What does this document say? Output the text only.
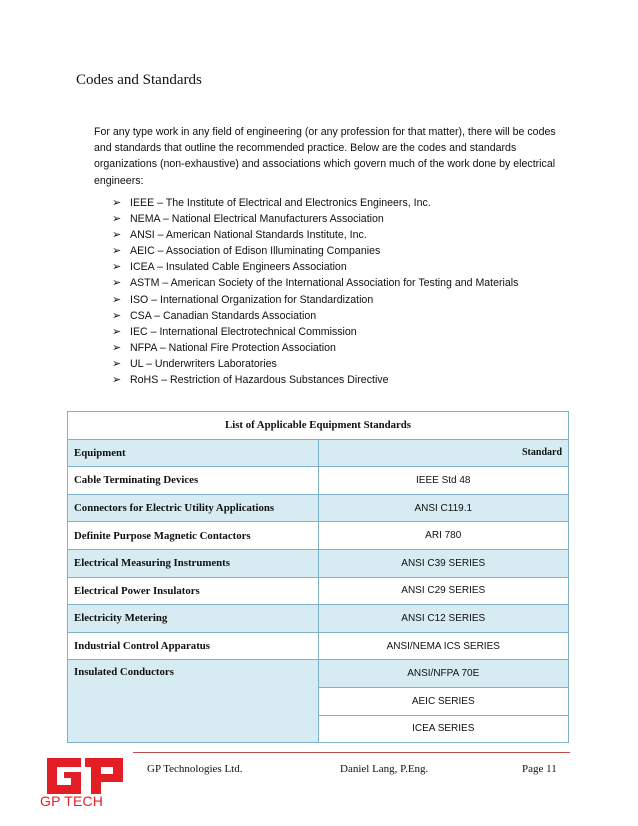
Codes and Standards

For any type work in any field of engineering (or any profession for that matter), there will be codes and standards that outline the recommended practice. Below are the codes and standards organizations (non-exhaustive) and associations which govern much of the work done by electrical engineers:

➢ IEEE – The Institute of Electrical and Electronics Engineers, Inc.
➢ NEMA – National Electrical Manufacturers Association
➢ ANSI – American National Standards Institute, Inc.
➢ AEIC – Association of Edison Illuminating Companies
➢ ICEA – Insulated Cable Engineers Association
➢ ASTM – American Society of the International Association for Testing and Materials
➢ ISO – International Organization for Standardization
➢ CSA – Canadian Standards Association
➢ IEC – International Electrotechnical Commission
➢ NFPA – National Fire Protection Association
➢ UL – Underwriters Laboratories
➢ RoHS – Restriction of Hazardous Substances Directive
List of Applicable Equipment Standards	
Equipment	Standard
Cable Terminating Devices	IEEE Std 48
Connectors for Electric Utility Applications	ANSI C119.1
Definite Purpose Magnetic Contactors	ARI 780
Electrical Measuring Instruments	ANSI C39 SERIES
Electrical Power Insulators	ANSI C29 SERIES
Electricity Metering	ANSI C12 SERIES
Industrial Control Apparatus	ANSI/NEMA ICS SERIES
Insulated Conductors	ANSI/NFPA 70E
	AEIC SERIES
	ICEA SERIES
GP TECH
GP Technologies Ltd.	Daniel Lang, P.Eng.	Page 11
